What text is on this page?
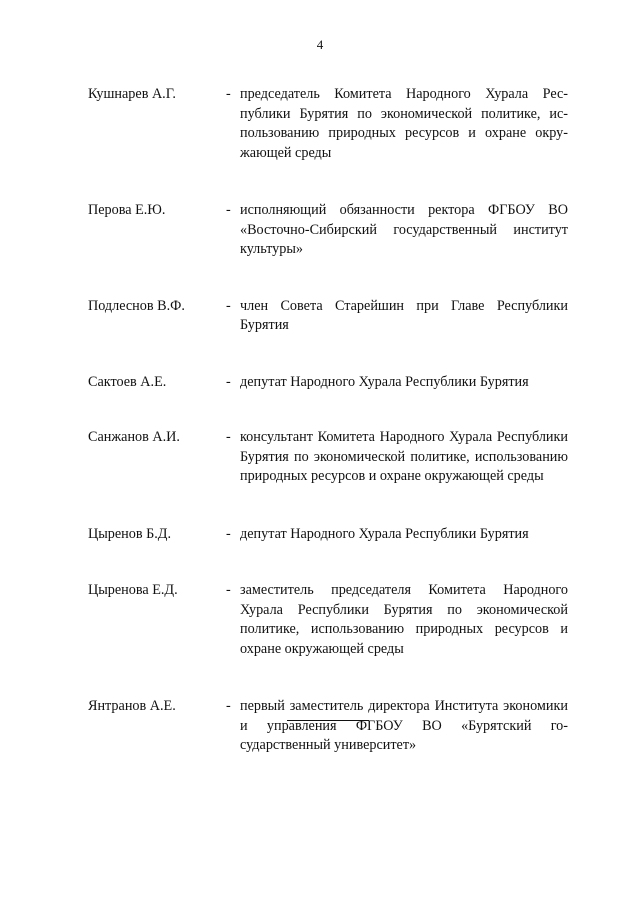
4
Кушнарев А.Г.	- председатель Комитета Народного Хурала Республики Бурятия по экономической политике, использованию природных ресурсов и охране окружающей среды
Перова Е.Ю.	- исполняющий обязанности ректора ФГБОУ ВО «Восточно-Сибирский государственный институт культуры»
Подлеснов В.Ф.	- член Совета Старейшин при Главе Республики Бурятия
Сактоев А.Е.	- депутат Народного Хурала Республики Бурятия
Санжанов А.И.	- консультант Комитета Народного Хурала Республики Бурятия по экономической политике, использованию природных ресурсов и охране окружающей среды
Цыренов Б.Д.	- депутат Народного Хурала Республики Бурятия
Цыренова Е.Д.	- заместитель председателя Комитета Народного Хурала Республики Бурятия по экономической политике, использованию природных ресурсов и охране окружающей среды
Янтранов А.Е.	- первый заместитель директора Института экономики и управления ФГБОУ ВО «Бурятский государственный университет»
